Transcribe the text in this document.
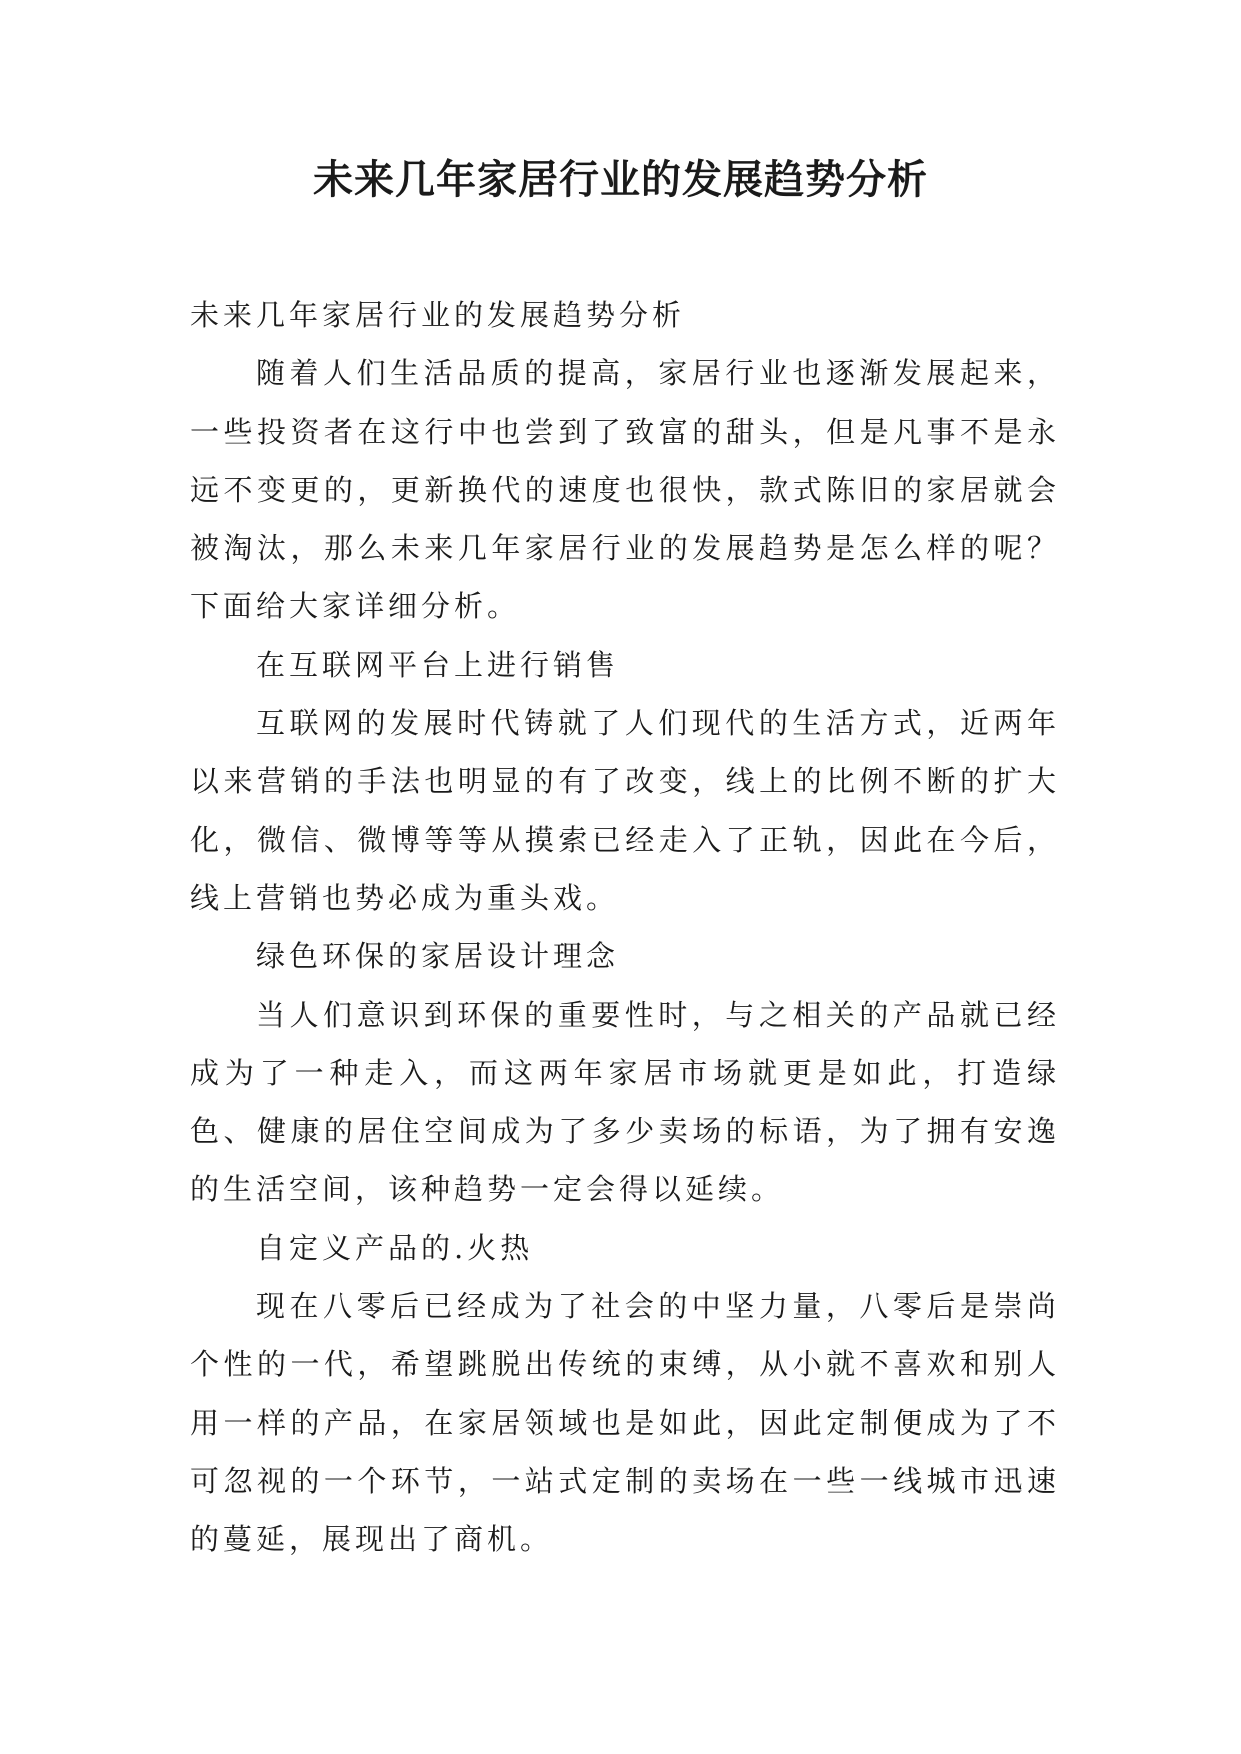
未来几年家居行业的发展趋势分析

未来几年家居行业的发展趋势分析

随着人们生活品质的提高，家居行业也逐渐发展起来，一些投资者在这行中也尝到了致富的甜头，但是凡事不是永远不变更的，更新换代的速度也很快，款式陈旧的家居就会被淘汰，那么未来几年家居行业的发展趋势是怎么样的呢？下面给大家详细分析。

在互联网平台上进行销售

互联网的发展时代铸就了人们现代的生活方式，近两年以来营销的手法也明显的有了改变，线上的比例不断的扩大化，微信、微博等等从摸索已经走入了正轨，因此在今后，线上营销也势必成为重头戏。

绿色环保的家居设计理念

当人们意识到环保的重要性时，与之相关的产品就已经成为了一种走入，而这两年家居市场就更是如此，打造绿色、健康的居住空间成为了多少卖场的标语，为了拥有安逸的生活空间，该种趋势一定会得以延续。

自定义产品的.火热

现在八零后已经成为了社会的中坚力量，八零后是崇尚个性的一代，希望跳脱出传统的束缚，从小就不喜欢和别人用一样的产品，在家居领域也是如此，因此定制便成为了不可忽视的一个环节，一站式定制的卖场在一些一线城市迅速的蔓延，展现出了商机。
